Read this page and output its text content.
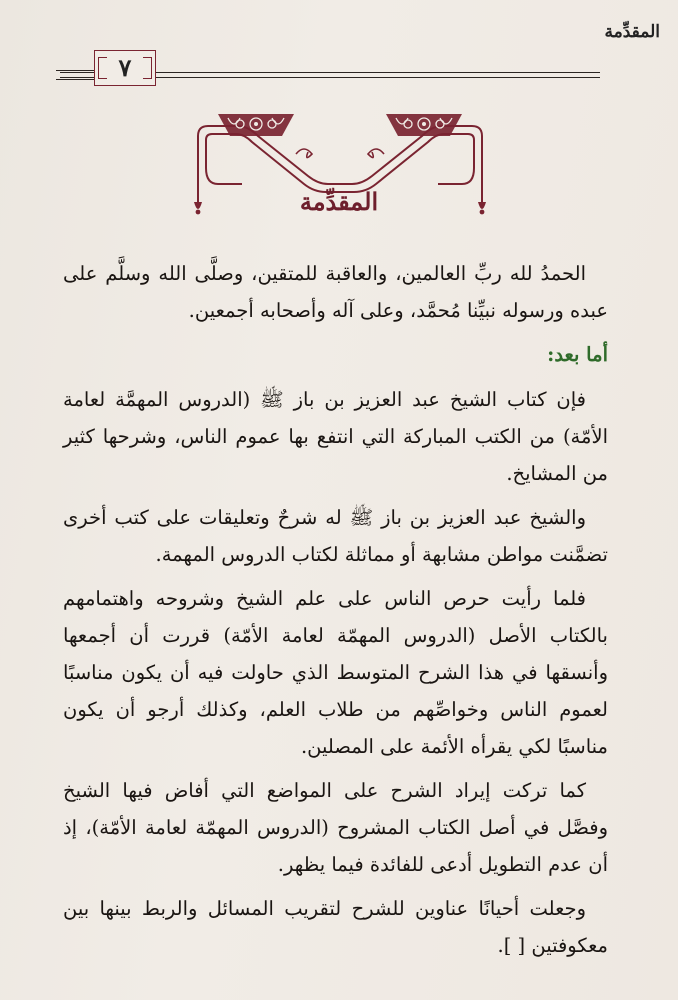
المقدِّمة
٧
المقدِّمة

الحمدُ لله ربِّ العالمين، والعاقبة للمتقين، وصلَّى الله وسلَّم على عبده ورسوله نبيِّنا مُحمَّد، وعلى آله وأصحابه أجمعين.

أما بعد:

فإن كتاب الشيخ عبد العزيز بن باز ﷺ (الدروس المهمَّة لعامة الأمّة) من الكتب المباركة التي انتفع بها عموم الناس، وشرحها كثير من المشايخ.

والشيخ عبد العزيز بن باز ﷺ له شرحٌ وتعليقات على كتب أخرى تضمَّنت مواطن مشابهة أو مماثلة لكتاب الدروس المهمة.

فلما رأيت حرص الناس على علم الشيخ وشروحه واهتمامهم بالكتاب الأصل (الدروس المهمّة لعامة الأمّة) قررت أن أجمعها وأنسقها في هذا الشرح المتوسط الذي حاولت فيه أن يكون مناسبًا لعموم الناس وخواصِّهم من طلاب العلم، وكذلك أرجو أن يكون مناسبًا لكي يقرأه الأئمة على المصلين.

كما تركت إيراد الشرح على المواضع التي أفاض فيها الشيخ وفصَّل في أصل الكتاب المشروح (الدروس المهمّة لعامة الأمّة)، إذ أن عدم التطويل أدعى للفائدة فيما يظهر.

وجعلت أحيانًا عناوين للشرح لتقريب المسائل والربط بينها بين معكوفتين [ ].
